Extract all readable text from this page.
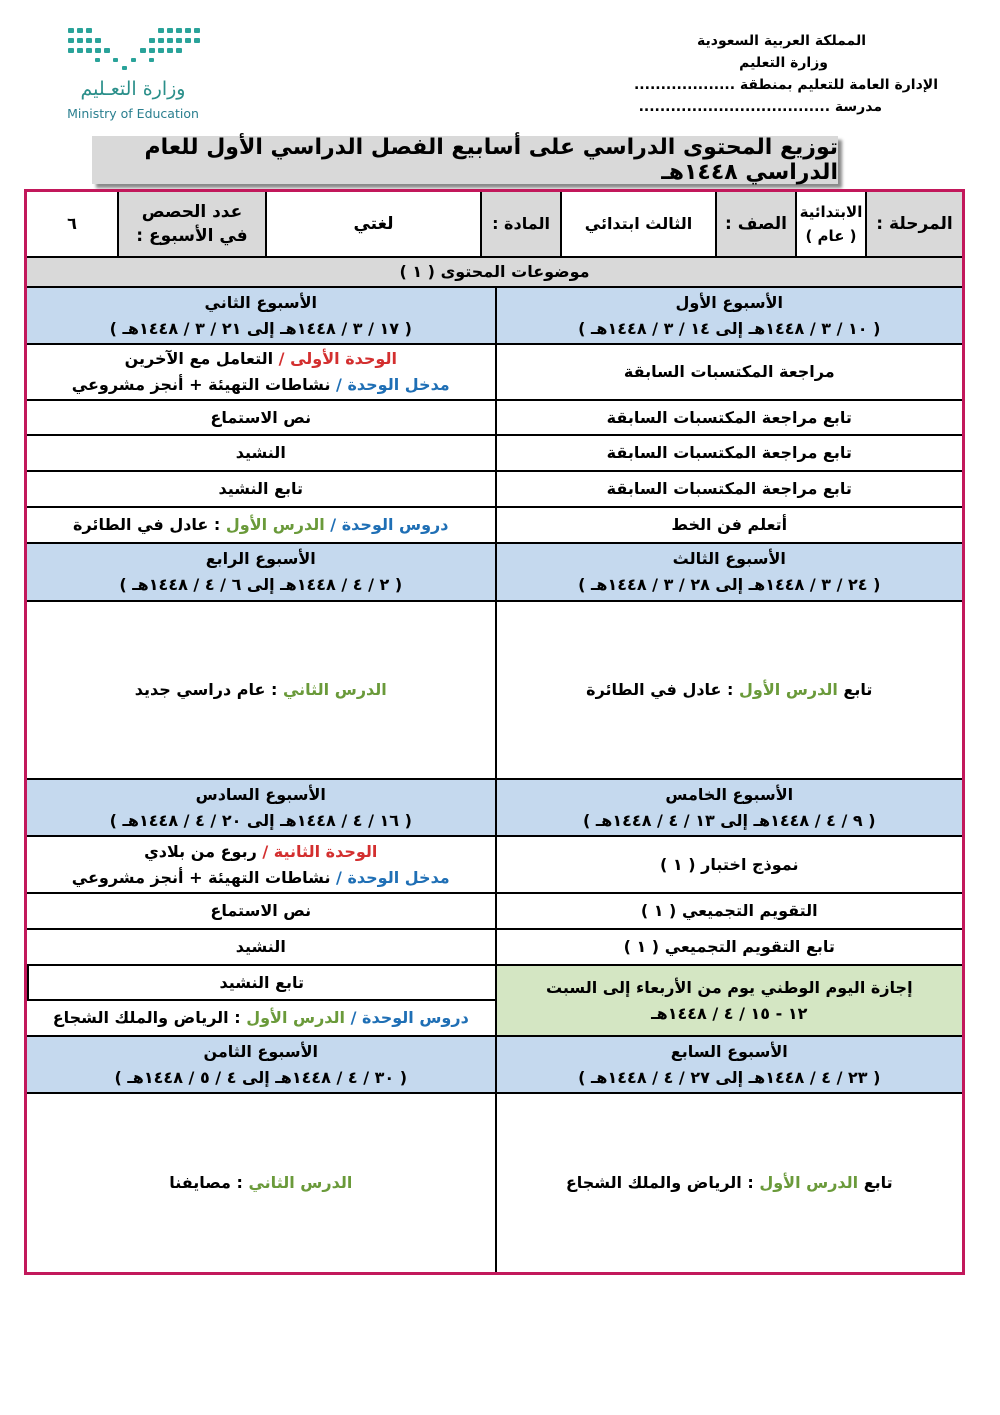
المملكة العربية السعودية
وزارة التعليم
الإدارة العامة للتعليم بمنطقة ...................
مدرسة ....................................
وزارة التعـليم
Ministry of Education
توزيع المحتوى الدراسي على أسابيع الفصل الدراسي الأول للعام الدراسي ١٤٤٨هـ
المرحلة :
الابتدائية ( عام )
الصف :
الثالث ابتدائي
المادة :
لغتي
عدد الحصص في الأسبوع :
٦
موضوعات المحتوى ( ١ )
الأسبوع الأول
( ١٠ / ٣ / ١٤٤٨هـ إلى ١٤ / ٣ / ١٤٤٨هـ )
الأسبوع الثاني
( ١٧ / ٣ / ١٤٤٨هـ إلى ٢١ / ٣ / ١٤٤٨هـ )
مراجعة المكتسبات السابقة
الوحدة الأولى / التعامل مع الآخرين
مدخل الوحدة / نشاطات التهيئة + أنجز مشروعي
تابع مراجعة المكتسبات السابقة
نص الاستماع
تابع مراجعة المكتسبات السابقة
النشيد
تابع مراجعة المكتسبات السابقة
تابع النشيد
أتعلم فن الخط
دروس الوحدة / الدرس الأول : عادل في الطائرة
الأسبوع الثالث
( ٢٤ / ٣ / ١٤٤٨هـ إلى ٢٨ / ٣ / ١٤٤٨هـ )
الأسبوع الرابع
( ٢ / ٤ / ١٤٤٨هـ إلى ٦ / ٤ / ١٤٤٨هـ )
تابع الدرس الأول : عادل في الطائرة
الدرس الثاني : عام دراسي جديد
الأسبوع الخامس
( ٩ / ٤ / ١٤٤٨هـ إلى ١٣ / ٤ / ١٤٤٨هـ )
الأسبوع السادس
( ١٦ / ٤ / ١٤٤٨هـ إلى ٢٠ / ٤ / ١٤٤٨هـ )
نموذج اختبار ( ١ )
الوحدة الثانية / ربوع من بلادي
مدخل الوحدة / نشاطات التهيئة + أنجز مشروعي
التقويم التجميعي ( ١ )
نص الاستماع
تابع التقويم التجميعي ( ١ )
النشيد
إجازة اليوم الوطني يوم من الأربعاء إلى السبت
١٢ - ١٥ / ٤ / ١٤٤٨هـ
تابع النشيد
دروس الوحدة / الدرس الأول : الرياض والملك الشجاع
الأسبوع السابع
( ٢٣ / ٤ / ١٤٤٨هـ إلى ٢٧ / ٤ / ١٤٤٨هـ )
الأسبوع الثامن
( ٣٠ / ٤ / ١٤٤٨هـ إلى ٤ / ٥ / ١٤٤٨هـ )
تابع الدرس الأول : الرياض والملك الشجاع
الدرس الثاني : مصايفنا
